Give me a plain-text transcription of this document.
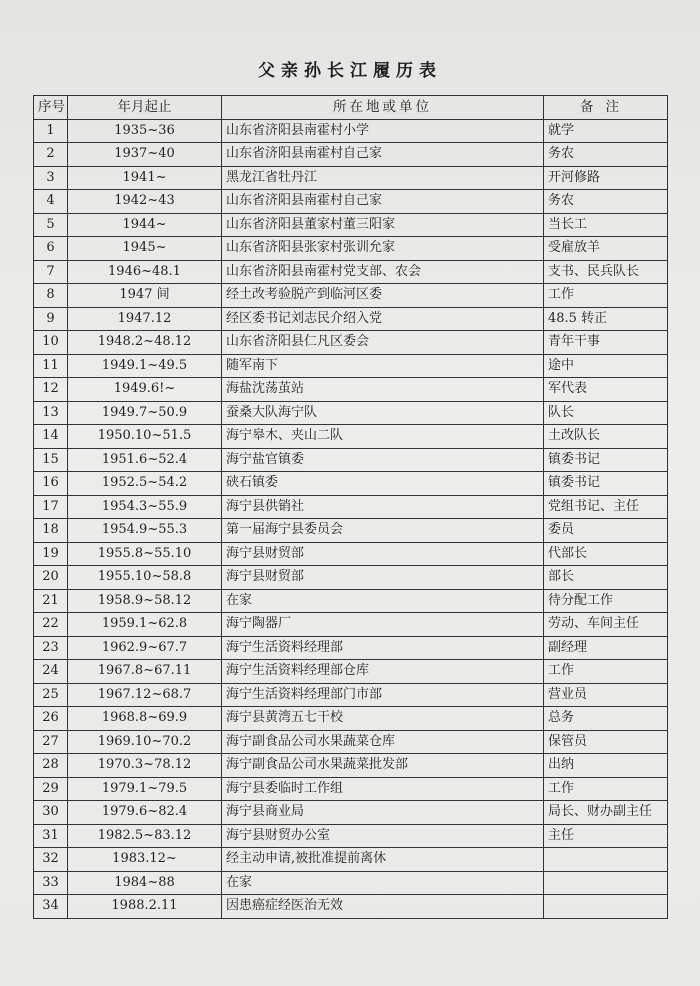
父亲孙长江履历表
序号	年月起止	所在地或单位	备注
1	1935~36	山东省济阳县南霍村小学	就学
2	1937~40	山东省济阳县南霍村自己家	务农
3	1941~	黑龙江省牡丹江	开河修路
4	1942~43	山东省济阳县南霍村自己家	务农
5	1944~	山东省济阳县董家村董三阳家	当长工
6	1945~	山东省济阳县张家村张训允家	受雇放羊
7	1946~48.1	山东省济阳县南霍村党支部、农会	支书、民兵队长
8	1947 间	经土改考验脱产到临河区委	工作
9	1947.12	经区委书记刘志民介绍入党	48.5 转正
10	1948.2~48.12	山东省济阳县仁凡区委会	青年干事
11	1949.1~49.5	随军南下	途中
12	1949.6!~	海盐沈荡茧站	军代表
13	1949.7~50.9	蚕桑大队海宁队	队长
14	1950.10~51.5	海宁皋木、夹山二队	土改队长
15	1951.6~52.4	海宁盐官镇委	镇委书记
16	1952.5~54.2	硖石镇委	镇委书记
17	1954.3~55.9	海宁县供销社	党组书记、主任
18	1954.9~55.3	第一届海宁县委员会	委员
19	1955.8~55.10	海宁县财贸部	代部长
20	1955.10~58.8	海宁县财贸部	部长
21	1958.9~58.12	在家	待分配工作
22	1959.1~62.8	海宁陶器厂	劳动、车间主任
23	1962.9~67.7	海宁生活资料经理部	副经理
24	1967.8~67.11	海宁生活资料经理部仓库	工作
25	1967.12~68.7	海宁生活资料经理部门市部	营业员
26	1968.8~69.9	海宁县黄湾五七干校	总务
27	1969.10~70.2	海宁副食品公司水果蔬菜仓库	保管员
28	1970.3~78.12	海宁副食品公司水果蔬菜批发部	出纳
29	1979.1~79.5	海宁县委临时工作组	工作
30	1979.6~82.4	海宁县商业局	局长、财办副主任
31	1982.5~83.12	海宁县财贸办公室	主任
32	1983.12~	经主动申请,被批准提前离休	
33	1984~88	在家	
34	1988.2.11	因患癌症经医治无效	
